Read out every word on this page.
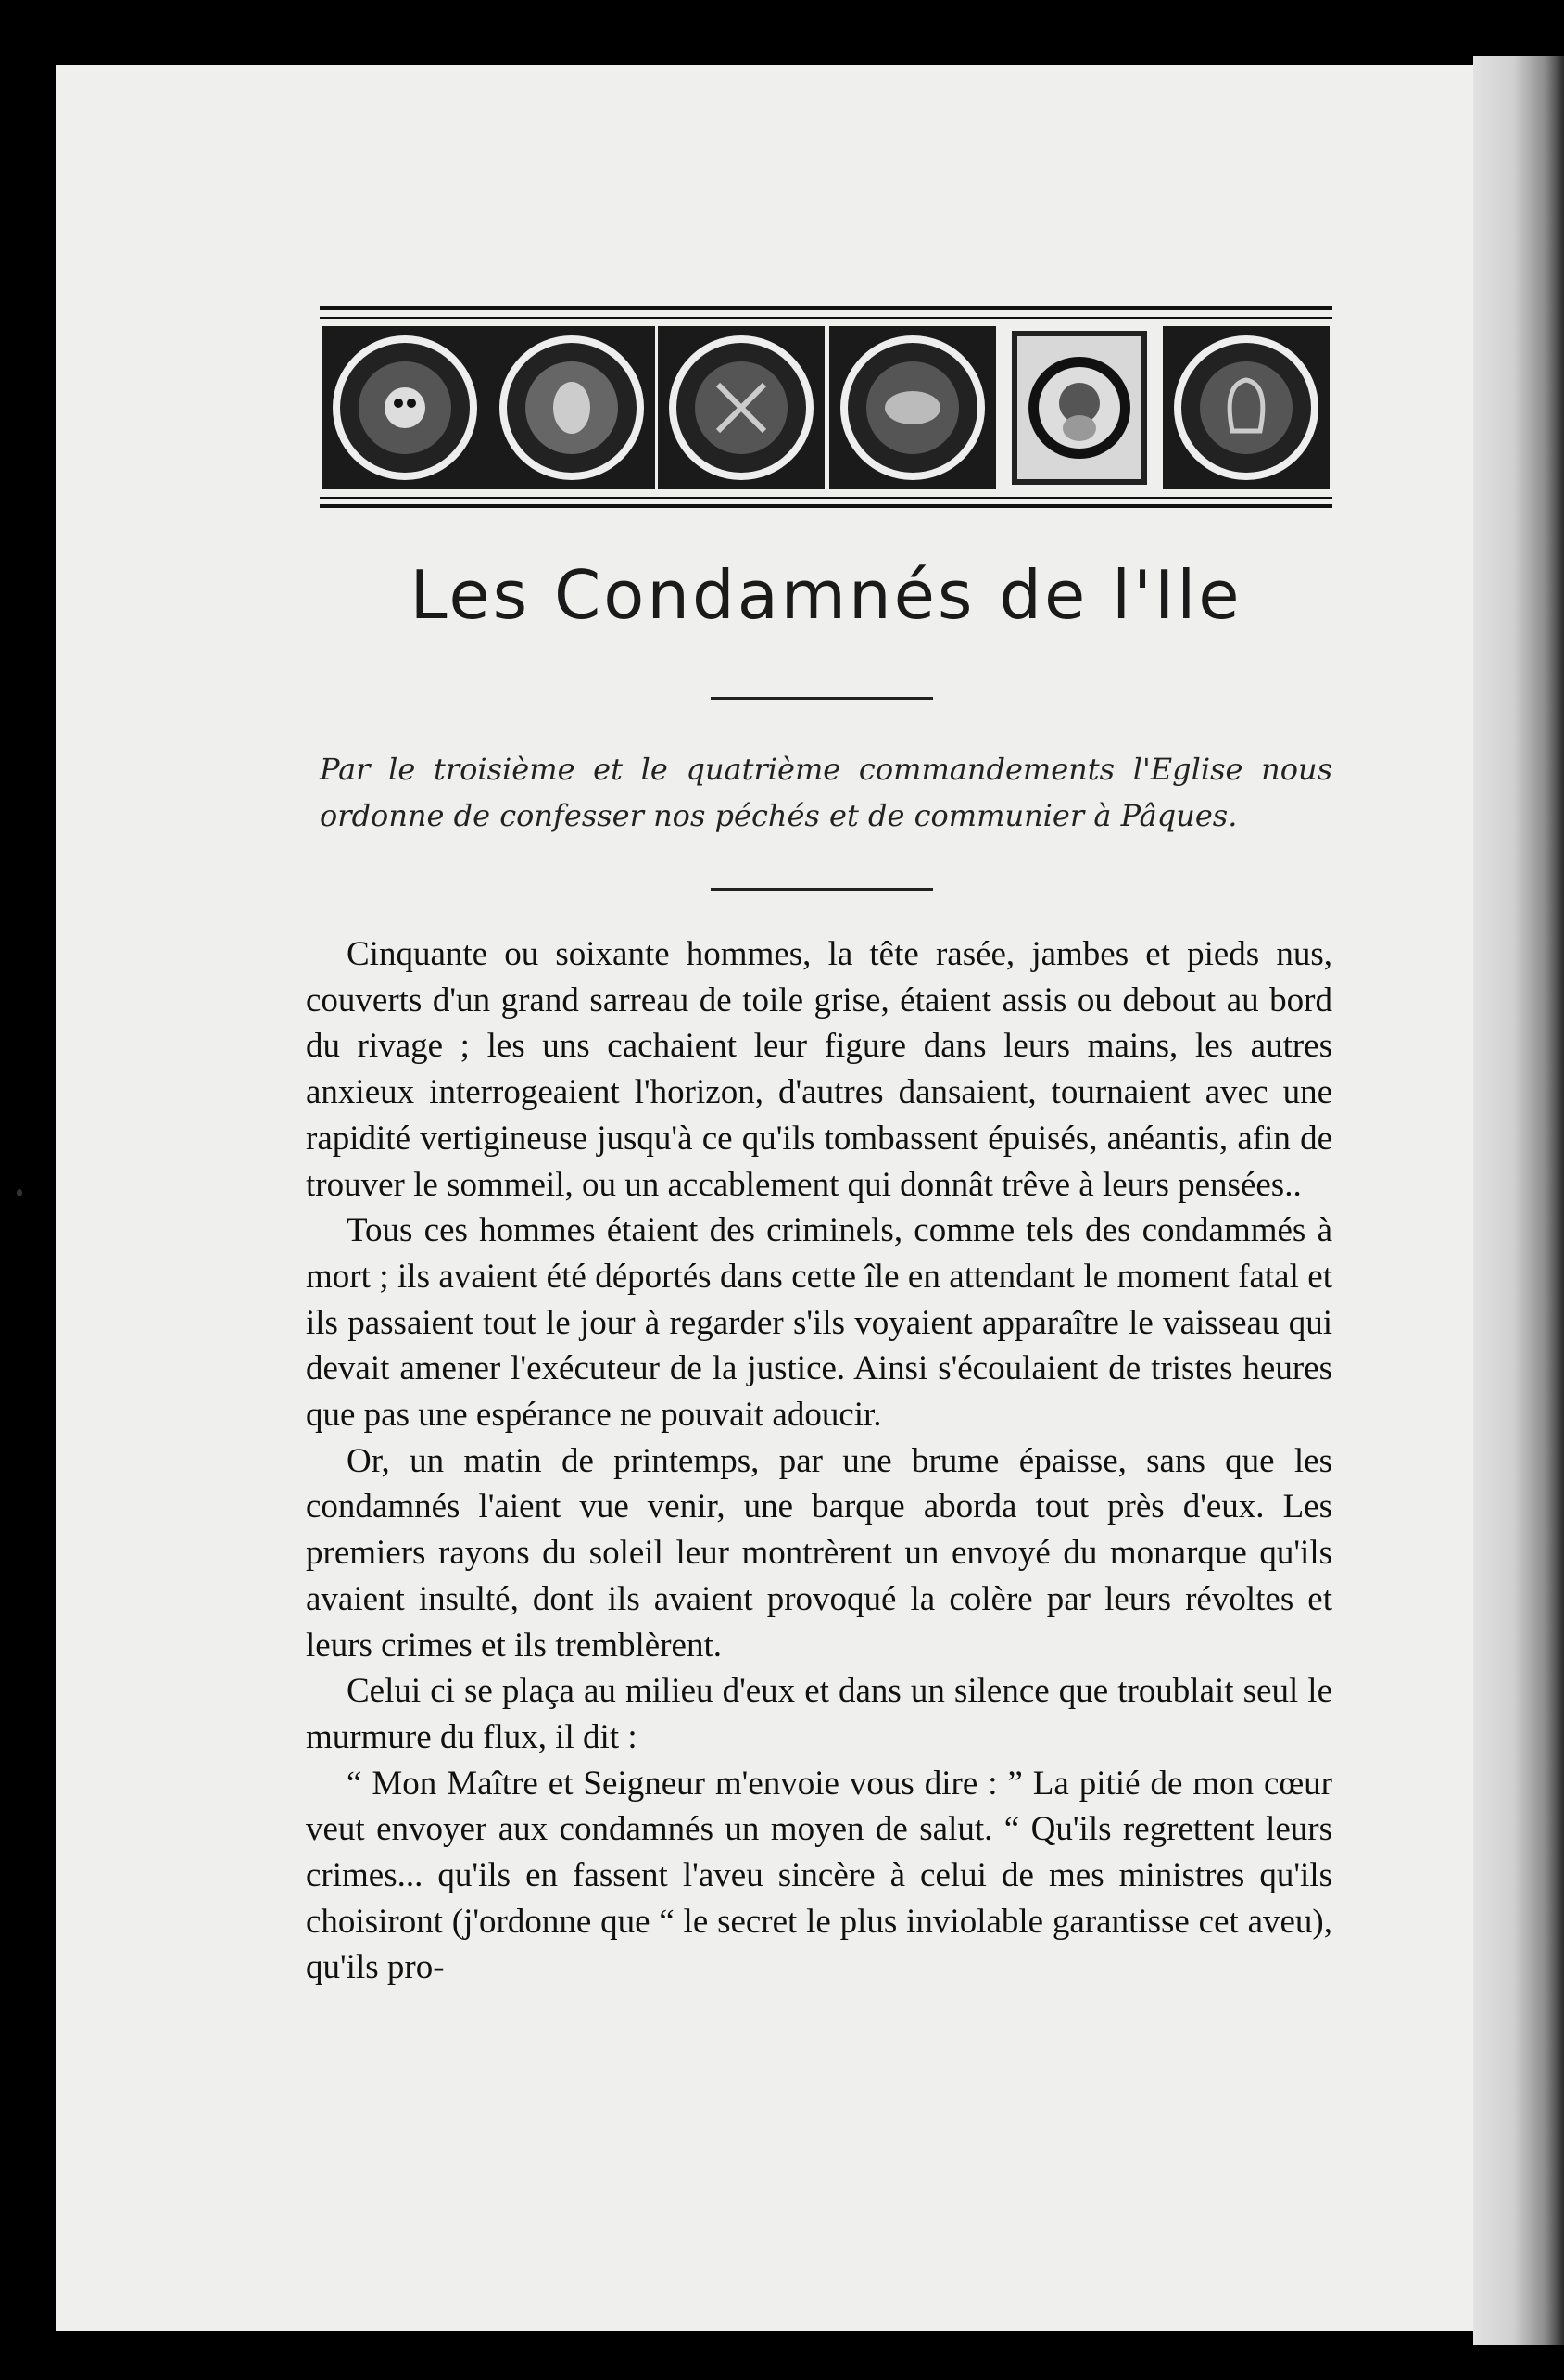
Les Condamnés de l'Ile

Par le troisième et le quatrième commandements l'Eglise nous ordonne de confesser nos péchés et de communier à Pâques.

Cinquante ou soixante hommes, la tête rasée, jambes et pieds nus, couverts d'un grand sarreau de toile grise, étaient assis ou debout au bord du rivage ; les uns cachaient leur figure dans leurs mains, les autres anxieux interrogeaient l'horizon, d'autres dansaient, tournaient avec une rapidité vertigineuse jusqu'à ce qu'ils tombassent épuisés, anéantis, afin de trouver le sommeil, ou un accablement qui donnât trêve à leurs pensées..

Tous ces hommes étaient des criminels, comme tels des condammés à mort ; ils avaient été déportés dans cette île en attendant le moment fatal et ils passaient tout le jour à regarder s'ils voyaient apparaître le vaisseau qui devait amener l'exécuteur de la justice. Ainsi s'écoulaient de tristes heures que pas une espérance ne pouvait adoucir.

Or, un matin de printemps, par une brume épaisse, sans que les condamnés l'aient vue venir, une barque aborda tout près d'eux. Les premiers rayons du soleil leur montrèrent un envoyé du monarque qu'ils avaient insulté, dont ils avaient provoqué la colère par leurs révoltes et leurs crimes et ils tremblèrent.

Celui ci se plaça au milieu d'eux et dans un silence que troublait seul le murmure du flux, il dit :

“ Mon Maître et Seigneur m'envoie vous dire : ” La pitié de mon cœur veut envoyer aux condamnés un moyen de salut. “ Qu'ils regrettent leurs crimes... qu'ils en fassent l'aveu sincère à celui de mes ministres qu'ils choisiront (j'ordonne que “ le secret le plus inviolable garantisse cet aveu), qu'ils pro-
